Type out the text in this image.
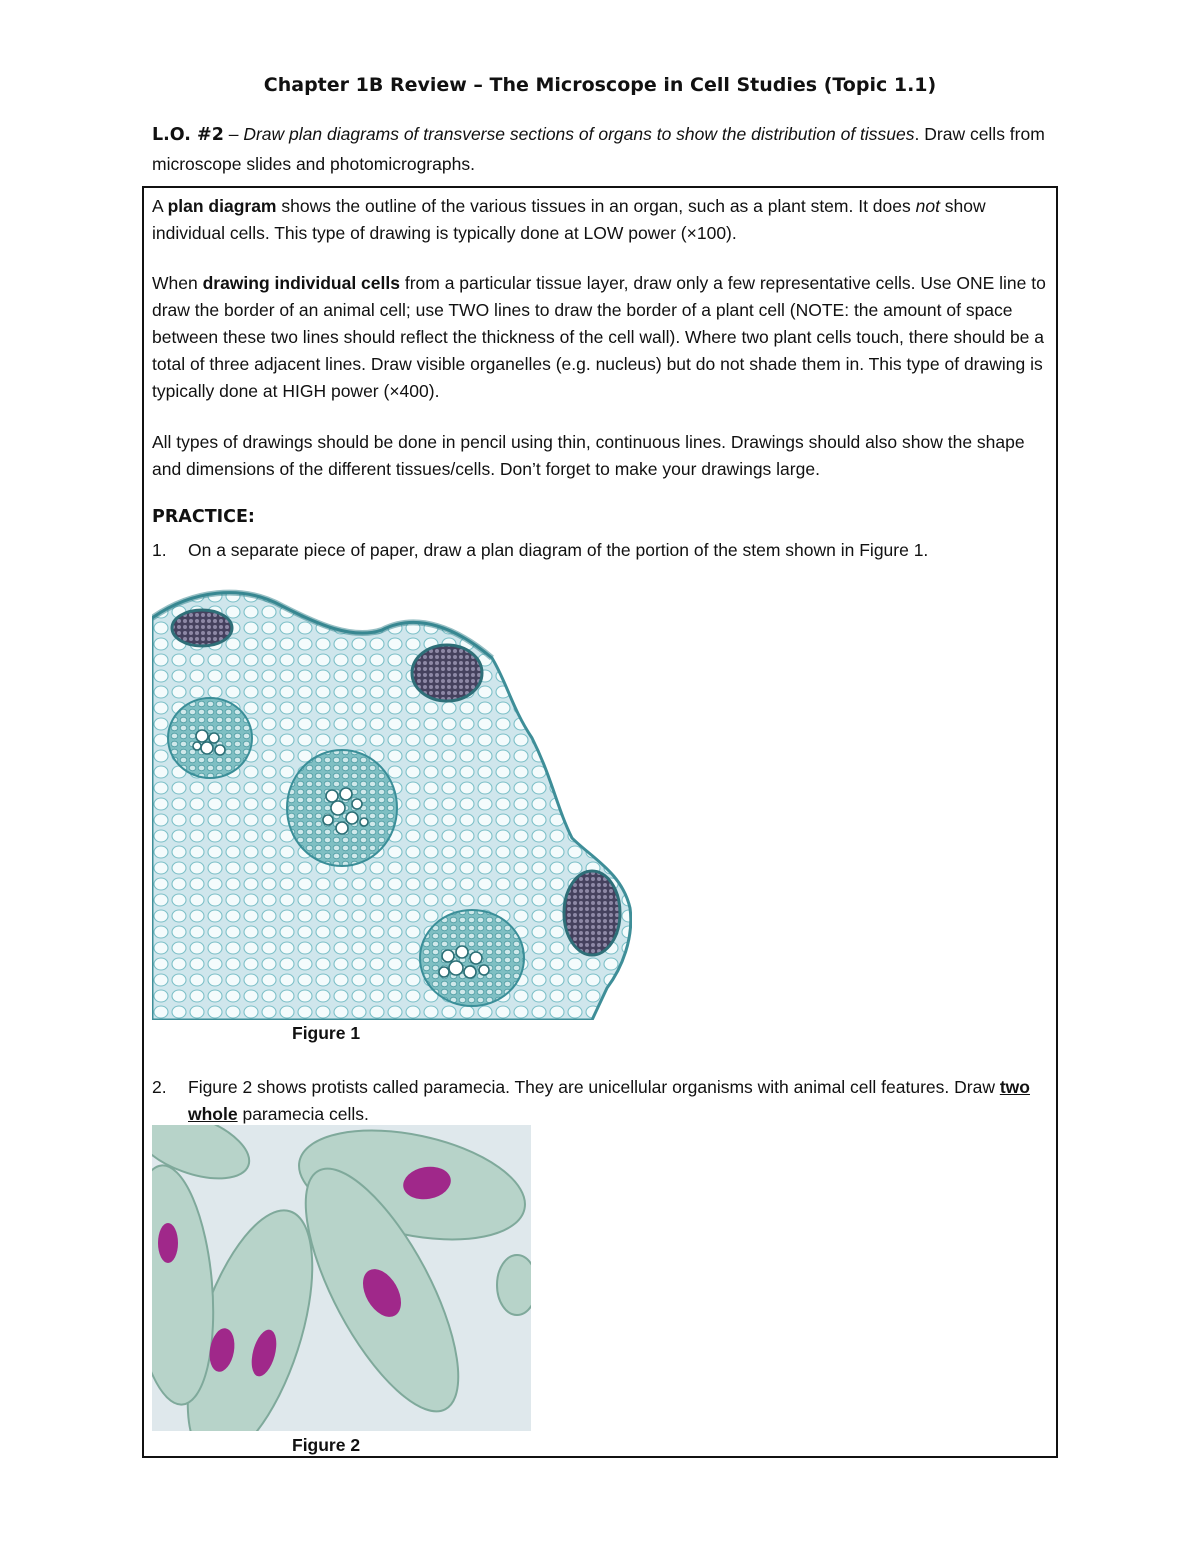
Chapter 1B Review – The Microscope in Cell Studies (Topic 1.1)
L.O. #2 – Draw plan diagrams of transverse sections of organs to show the distribution of tissues. Draw cells from microscope slides and photomicrographs.

A plan diagram shows the outline of the various tissues in an organ, such as a plant stem. It does not show individual cells. This type of drawing is typically done at LOW power (×100).

When drawing individual cells from a particular tissue layer, draw only a few representative cells. Use ONE line to draw the border of an animal cell; use TWO lines to draw the border of a plant cell (NOTE: the amount of space between these two lines should reflect the thickness of the cell wall). Where two plant cells touch, there should be a total of three adjacent lines. Draw visible organelles (e.g. nucleus) but do not shade them in. This type of drawing is typically done at HIGH power (×400).

All types of drawings should be done in pencil using thin, continuous lines. Drawings should also show the shape and dimensions of the different tissues/cells. Don’t forget to make your drawings large.

PRACTICE:
1. On a separate piece of paper, draw a plan diagram of the portion of the stem shown in Figure 1.
Figure 1
2. Figure 2 shows protists called paramecia. They are unicellular organisms with animal cell features. Draw two whole paramecia cells.
Figure 2
